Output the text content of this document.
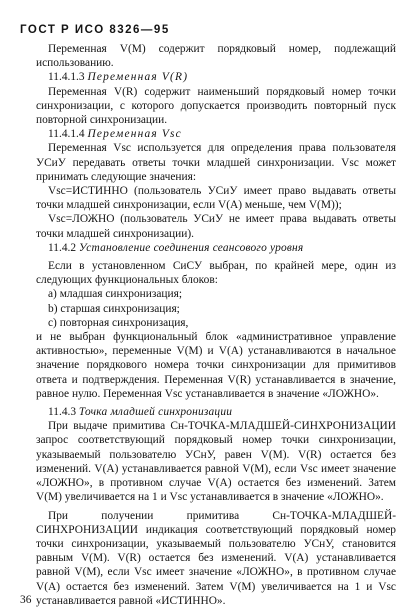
ГОСТ Р ИСО 8326—95

Переменная V(M) содержит порядковый номер, подлежащий использованию.

11.4.1.3 Переменная V(R)

Переменная V(R) содержит наименьший порядковый номер точки синхронизации, с которого допускается производить повторный пуск повторной синхронизации.

11.4.1.4 Переменная Vsc

Переменная Vsc используется для определения права пользователя УСиУ передавать ответы точки младшей синхронизации. Vsc может принимать следующие значения:

Vsc=ИСТИННО (пользователь УСиУ имеет право выдавать ответы точки младшей синхронизации, если V(A) меньше, чем V(M));

Vsc=ЛОЖНО (пользователь УСиУ не имеет права выдавать ответы точки младшей синхронизации).

11.4.2 Установление соединения сеансового уровня

Если в установленном СиСУ выбран, по крайней мере, один из следующих функциональных блоков:

а) младшая синхронизация;

b) старшая синхронизация;

с) повторная синхронизация,

и не выбран функциональный блок «административное управление активностью», переменные V(M) и V(A) устанавливаются в начальное значение порядкового номера точки синхронизации для примитивов ответа и подтверждения. Переменная V(R) устанавливается в значение, равное нулю. Переменная Vsc устанавливается в значение «ЛОЖНО».

11.4.3 Точка младшей синхронизации

При выдаче примитива Сн-ТОЧКА-МЛАДШЕЙ-СИНХРОНИЗАЦИИ запрос соответствующий порядковый номер точки синхронизации, указываемый пользователю УСнУ, равен V(M). V(R) остается без изменений. V(A) устанавливается равной V(M), если Vsc имеет значение «ЛОЖНО», в противном случае V(A) остается без изменений. Затем V(M) увеличивается на 1 и Vsc устанавливается в значение «ЛОЖНО».

При получении примитива Сн-ТОЧКА-МЛАДШЕЙ-СИНХРОНИЗАЦИИ индикация соответствующий порядковый номер точки синхронизации, указываемый пользователю УСнУ, становится равным V(M). V(R) остается без изменений. V(A) устанавливается равной V(M), если Vsc имеет значение «ЛОЖНО», в противном случае V(A) остается без изменений. Затем V(M) увеличивается на 1 и Vsc устанавливается равной «ИСТИННО».

36
